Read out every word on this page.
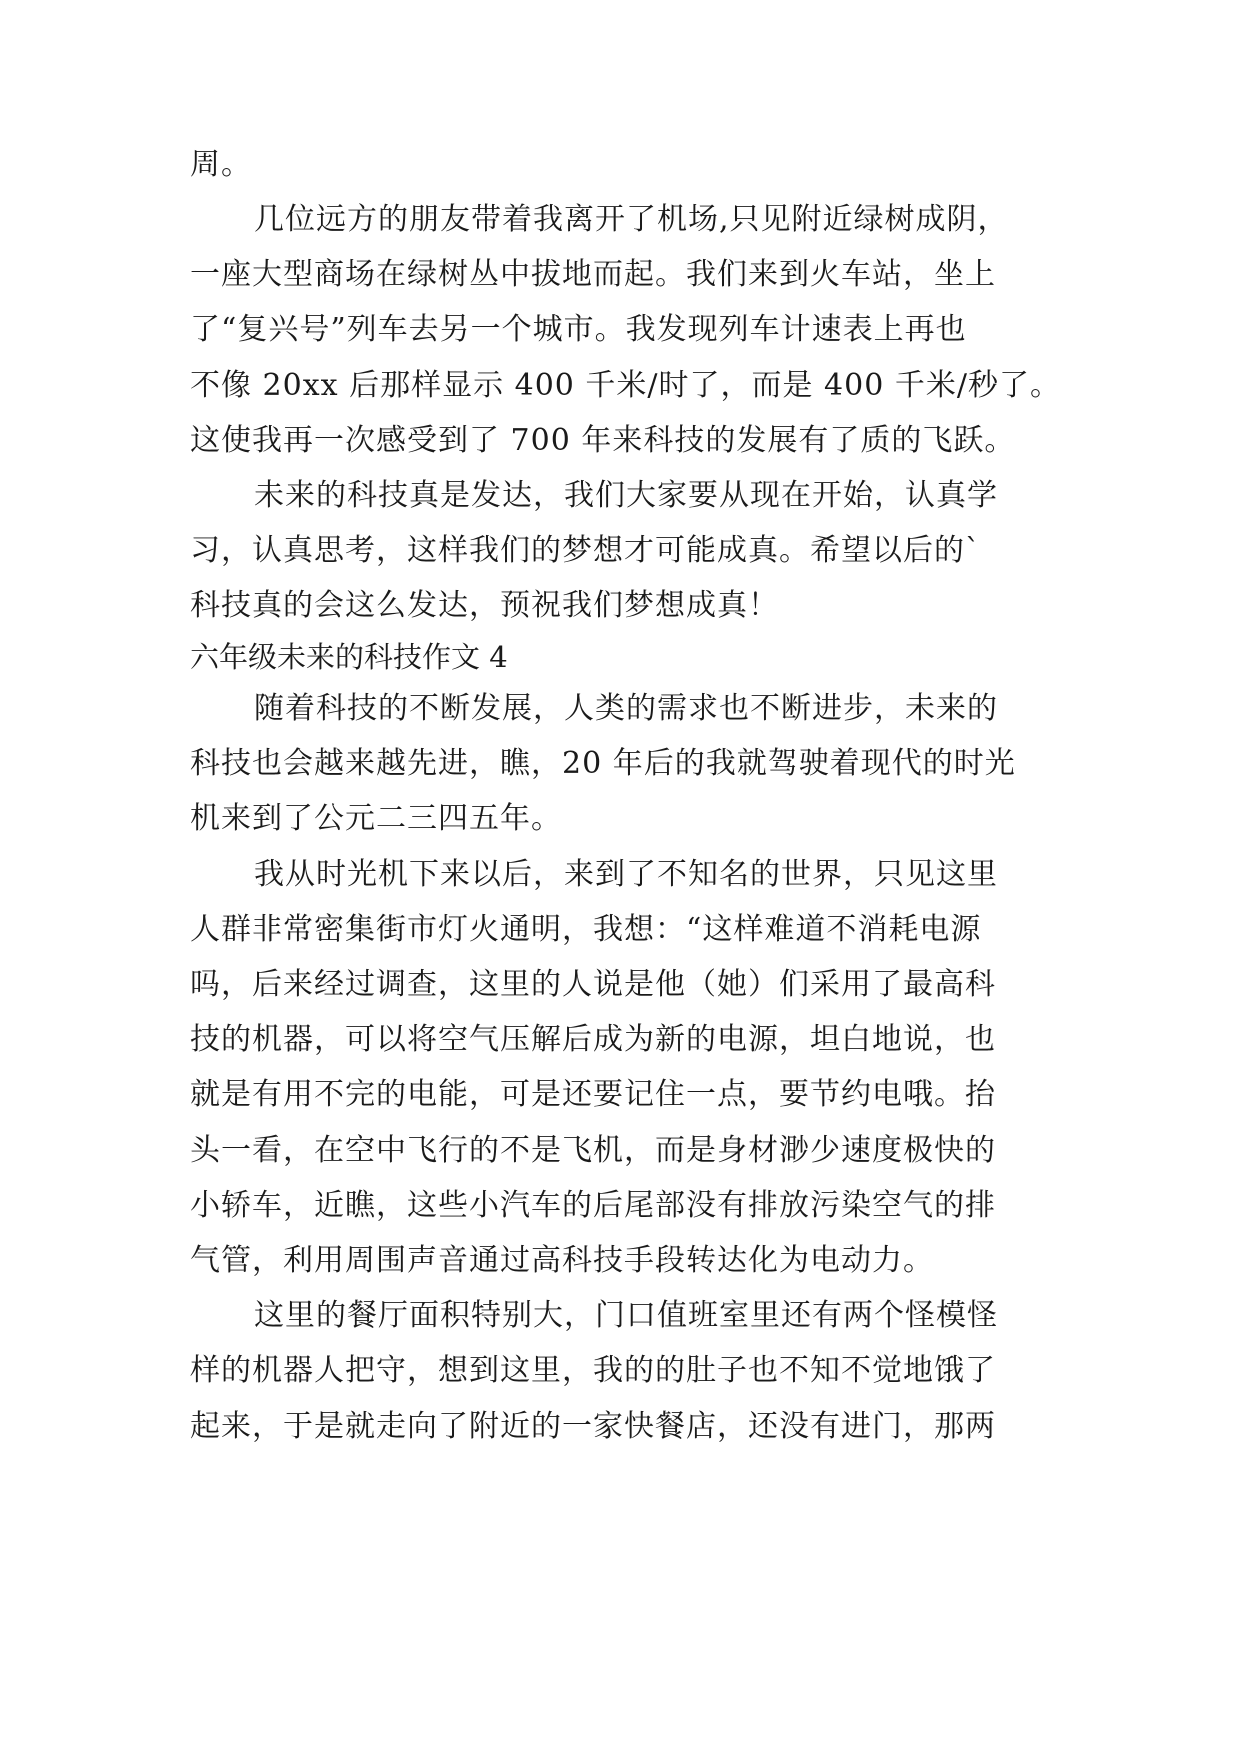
周。
几位远方的朋友带着我离开了机场,只见附近绿树成阴，
一座大型商场在绿树丛中拔地而起。我们来到火车站，坐上
了“复兴号”列车去另一个城市。我发现列车计速表上再也
不像 20xx 后那样显示 400 千米/时了，而是 400 千米/秒了。
这使我再一次感受到了 700 年来科技的发展有了质的飞跃。
未来的科技真是发达，我们大家要从现在开始，认真学
习，认真思考，这样我们的梦想才可能成真。希望以后的`
科技真的会这么发达，预祝我们梦想成真！
六年级未来的科技作文 4
随着科技的不断发展，人类的需求也不断进步，未来的
科技也会越来越先进，瞧，20 年后的我就驾驶着现代的时光
机来到了公元二三四五年。
我从时光机下来以后，来到了不知名的世界，只见这里
人群非常密集街市灯火通明，我想：“这样难道不消耗电源
吗，后来经过调查，这里的人说是他（她）们采用了最高科
技的机器，可以将空气压解后成为新的电源，坦白地说，也
就是有用不完的电能，可是还要记住一点，要节约电哦。抬
头一看，在空中飞行的不是飞机，而是身材渺少速度极快的
小轿车，近瞧，这些小汽车的后尾部没有排放污染空气的排
气管，利用周围声音通过高科技手段转达化为电动力。
这里的餐厅面积特别大，门口值班室里还有两个怪模怪
样的机器人把守，想到这里，我的的肚子也不知不觉地饿了
起来，于是就走向了附近的一家快餐店，还没有进门，那两
